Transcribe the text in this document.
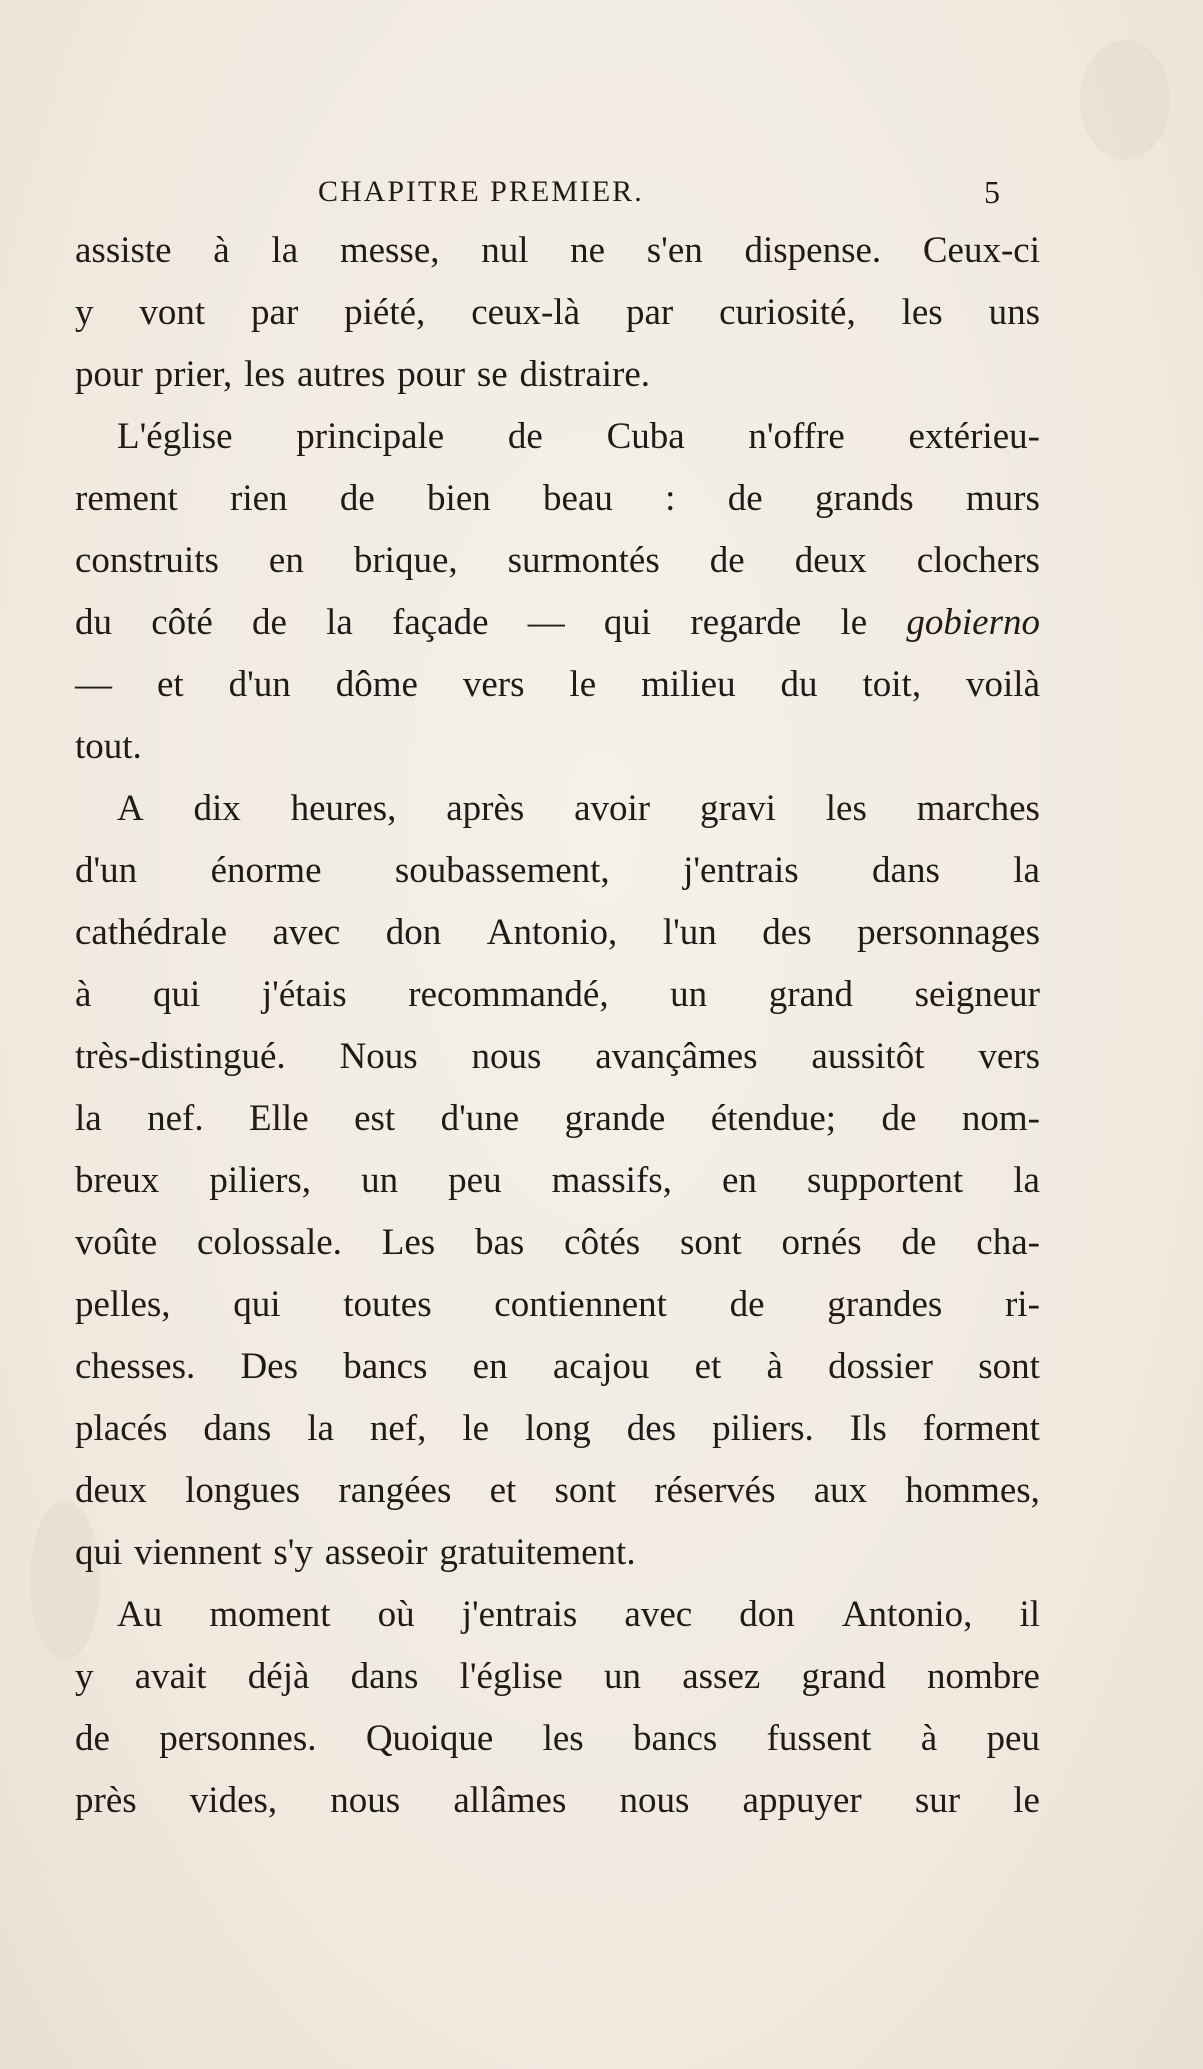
CHAPITRE PREMIER.	5
assiste à la messe, nul ne s'en dispense. Ceux-ci
y vont par piété, ceux-là par curiosité, les uns
pour prier, les autres pour se distraire.
L'église principale de Cuba n'offre extérieu-
rement rien de bien beau : de grands murs
construits en brique, surmontés de deux clochers
du côté de la façade — qui regarde le gobierno
— et d'un dôme vers le milieu du toit, voilà
tout.
A dix heures, après avoir gravi les marches
d'un énorme soubassement, j'entrais dans la
cathédrale avec don Antonio, l'un des personnages
à qui j'étais recommandé, un grand seigneur
très-distingué. Nous nous avançâmes aussitôt vers
la nef. Elle est d'une grande étendue; de nom-
breux piliers, un peu massifs, en supportent la
voûte colossale. Les bas côtés sont ornés de cha-
pelles, qui toutes contiennent de grandes ri-
chesses. Des bancs en acajou et à dossier sont
placés dans la nef, le long des piliers. Ils forment
deux longues rangées et sont réservés aux hommes,
qui viennent s'y asseoir gratuitement.
Au moment où j'entrais avec don Antonio, il
y avait déjà dans l'église un assez grand nombre
de personnes. Quoique les bancs fussent à peu
près vides, nous allâmes nous appuyer sur le
